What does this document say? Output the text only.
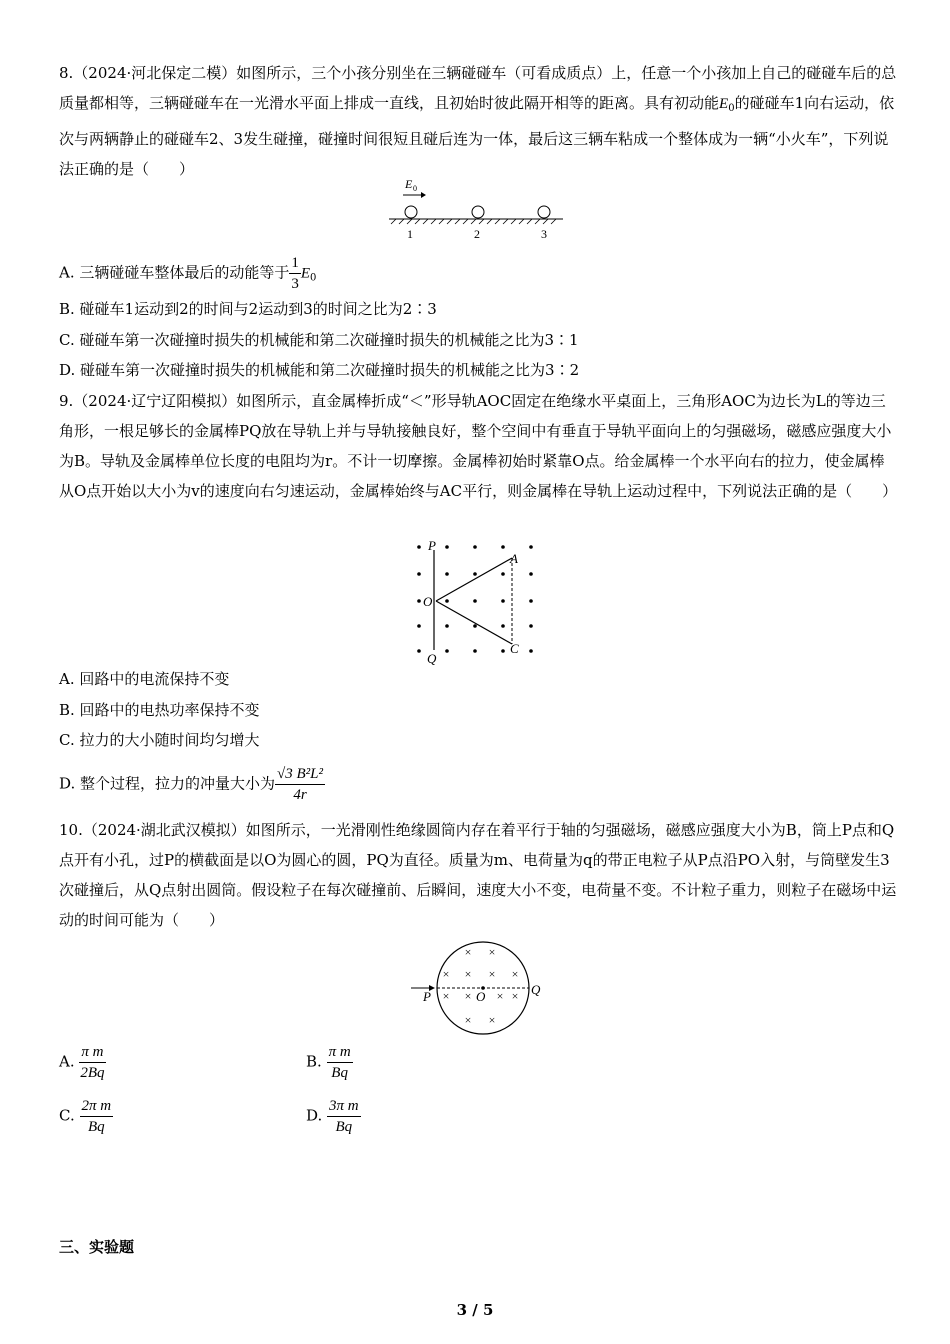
8.（2024·河北保定二模）如图所示，三个小孩分别坐在三辆碰碰车（可看成质点）上，任意一个小孩加上自己的碰碰车后的总质量都相等，三辆碰碰车在一光滑水平面上排成一直线，且初始时彼此隔开相等的距离。具有初动能$E_0$的碰碰车1向右运动，依次与两辆静止的碰碰车2、3发生碰撞，碰撞时间很短且碰后连为一体，最后这三辆车粘成一个整体成为一辆“小火车”，下列说法正确的是（　　）
E 0
1	2	3
A. 三辆碰碰车整体最后的动能等于 $\frac{1}{3} E_0$
B. 碰碰车1运动到2的时间与2运动到3的时间之比为2∶3
C. 碰碰车第一次碰撞时损失的机械能和第二次碰撞时损失的机械能之比为3∶1
D. 碰碰车第一次碰撞时损失的机械能和第二次碰撞时损失的机械能之比为3∶2
9.（2024·辽宁辽阳模拟）如图所示，直金属棒折成“＜”形导轨AOC固定在绝缘水平桌面上，三角形AOC为边长为L的等边三角形，一根足够长的金属棒PQ放在导轨上并与导轨接触良好，整个空间中有垂直于导轨平面向上的匀强磁场，磁感应强度大小为B。导轨及金属棒单位长度的电阻均为r。不计一切摩擦。金属棒初始时紧靠O点。给金属棒一个水平向右的拉力，使金属棒从O点开始以大小为v的速度向右匀速运动，金属棒始终与AC平行，则金属棒在导轨上运动过程中，下列说法正确的是（　　）
P
Q
O
A
C
A. 回路中的电流保持不变
B. 回路中的电热功率保持不变
C. 拉力的大小随时间均匀增大
D. 整个过程，拉力的冲量大小为 $\frac{\text{√3 B²L²}}{4r}$
10.（2024·湖北武汉模拟）如图所示，一光滑刚性绝缘圆筒内存在着平行于轴的匀强磁场，磁感应强度大小为B，筒上P点和Q点开有小孔，过P的横截面是以O为圆心的圆，PQ为直径。质量为m、电荷量为q的带正电粒子从P点沿PO入射，与筒壁发生3次碰撞后，从Q点射出圆筒。假设粒子在每次碰撞前、后瞬间，速度大小不变，电荷量不变。不计粒子重力，则粒子在磁场中运动的时间可能为（　　）
× ×
× × × ×
× × × ×
× ×
P	O	Q
A. $\frac{\text{π m}}{2Bq}$	B. $\frac{\text{π m}}{Bq}$
C. $\frac{\text{2π m}}{Bq}$	D. $\frac{\text{3π m}}{Bq}$
三、实验题
3 / 5
